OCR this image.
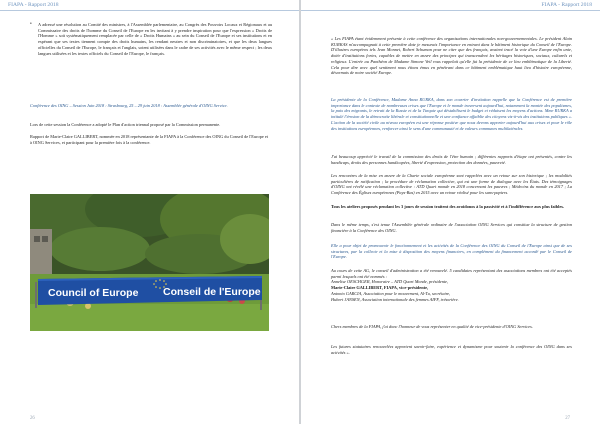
FIAPA - Rapport 2018
• A adressé une résolution au Comité des ministres, à l'Assemblée parlementaire, au Congrès des Pouvoirs Locaux et Régionaux et au Commissaire des droits de l'homme du Conseil de l'Europe en les invitant à y prendre inspiration pour que l'expression « Droits de l'Homme » soit systématiquement remplacée par celle de « Droits Humains » au sein du Conseil de l'Europe et ses institutions et en espérant que ses textes tiennent compte des droits humains, les rendant neutres et non discriminatoires, et que les deux langues officielles du Conseil de l'Europe, le français et l'anglais, soient utilisées dans le cadre de ses activités avec le même respect ; les deux langues utilisées et les textes officiels du Conseil de l'Europe, le français.

Conférence des OING – Session Juin 2018 : Strasbourg, 25 – 29 juin 2018 : Assemblée générale d'OING Service.
Lors de cette session la Conférence a adopté le Plan d'action triennal proposé par la Commission permanente.
Rapport de Marie-Claire GALLIBERT, nommée en 2018 représentante de la FIAPA à la Conférence des OING du Conseil de l'Europe et à OING Services, et participant pour la première fois à la conférence.
Council of Europe Conseil de l'Europe
26
FIAPA - Rapport 2018

« Les FIAPA étant évidemment présente à cette conférence des organisations internationales non-gouvernementales. Le président Alain KURKAS m'accompagnait à cette première date je mesurais l'importance en entrant dans le bâtiment historique du Conseil de l'Europe. D'illustres européens tels Jean Monnet, Robert Schuman pour ne citer que des français, avaient tracé la voie d'une Europe enfin unie, dotée d'institutions fortes, capables de mettre en œuvre des principes qui transcendent les héritages historiques, sociaux, culturels et religieux. L'entrée au Panthéon de Madame Simone Veil rous rappelait qu'elle fut la présidente de ce lieu emblématique de la Liberté. Cela pour dire avec quel sentiment nous étions émus en pénétrant dans ce bâtiment emblématique haut lieu d'histoire européenne, désormais de notre société Europe.

La présidente de la Conférence, Madame Anna RURKA, dans son courrier d'invitation rappelle que la Conférence est de première importance dans le contexte de nombreuses crises que l'Europe et le monde traversent aujourd'hui, notamment la montée des populismes, la paix des migrants, le retrait de la Russie et de la Turquie qui déstabilisent le budget et réduisent les moyens d'actions. Mme RURKA a intitulé l'érosion de la démocratie libérale et constitutionnelle et une confiance affaiblie des citoyens vis-à-vis des institutions publiques ». L'action de la société civile au niveau européen est une réponse positive que nous devons apporter aujourd'hui aux crises et pour le rôle des institutions européennes, renforcer ainsi le sens d'une communauté et de valeurs communes multilatérales.

J'ai beaucoup apprécié le travail de la commission des droits de l'être humain ; différentes rapports d'étape ont présentés, contre les handicaps, droits des personnes handicapées, liberté d'expression, protection des données, pauvreté.

Les rencontres de la mise en œuvre de la Charte sociale européenne sont rappelées avec un retour sur son historique ; les modalités particulières de ratification ; la procédure de réclamation collective, qui est une forme de dialogue avec les États. Des témoignages d'OING ont révélé une réclamation collective : ATD Quart monde en 2018 concernant les pauvres ; Médecins du monde en 2017 ; La Conférence des Églises européennes (Pays-Bas) en 2015 avec un retour réalisé pour les sans-papiers.

Tous les ateliers proposés pendant les 3 jours de session traitent des avoidonos à la passivité et à l'indifférence aux plus faibles.

Dans le même temps, s'est tenue l'Assemblée générale ordinaire de l'association OING Services qui constitue la structure de gestion financière à la Conférence des OING.

Elle a pour objet de promouvoir le fonctionnement et les activités de la Conférence des OING du Conseil de l'Europe ainsi que de ses structures, par la collecte et la mise à disposition des moyens financiers, en complément du financement accordé par le Conseil de l'Europe.

Au cours de cette AG, le conseil d'administration a été renouvelé. 5 candidates représentant des associations membres ont été acceptés parmi lesquels ont été nommés :

Annelise OESCHGER, Honoraire – ATD Quart Monde, présidente,

Marie-Claire GALLIBERT, FIAPA, vice-présidente,

Antonio GARCIA, Association pour le mouvement, Al-Tu, secrétaire,

Hubert JANSEN, Association internationale des femmes AIFF, trésorière.

Chers membres de la FIAPA, j'ai donc l'honneur de vous représenter en qualité de vice-présidente d'OING Services.

Les futures statutaires renouvelées apportent savoir-faire, expérience et dynamisme pour soutenir la conférence des OING dans ses activités ».

27
